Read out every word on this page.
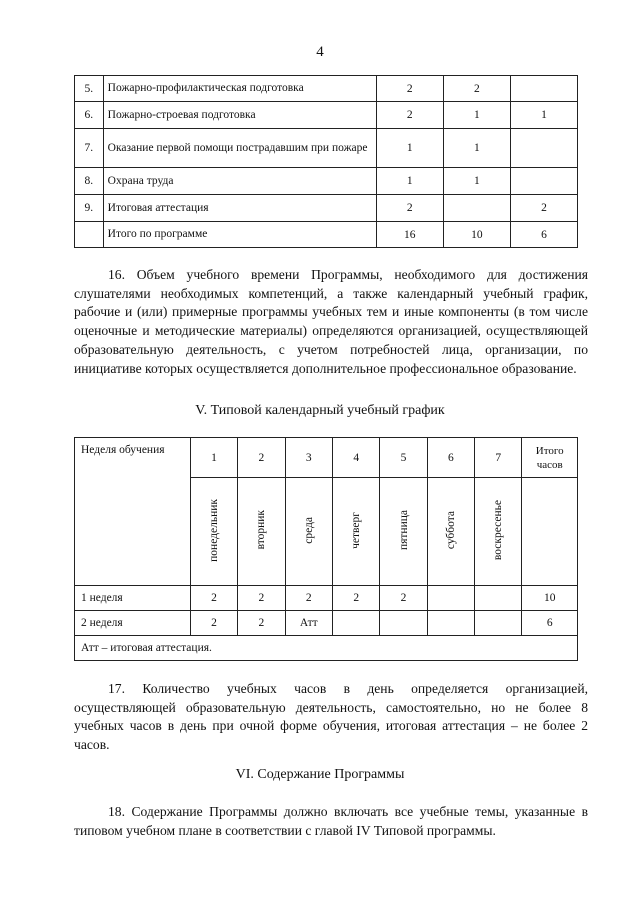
4
5.	Пожарно-профилактическая подготовка	2	2	
6.	Пожарно-строевая подготовка	2	1	1
7.	Оказание первой помощи пострадавшим при пожаре	1	1	
8.	Охрана труда	1	1	
9.	Итоговая аттестация	2		2
	Итого по программе	16	10	6
16. Объем учебного времени Программы, необходимого для достижения слушателями необходимых компетенций, а также календарный учебный график, рабочие и (или) примерные программы учебных тем и иные компоненты (в том числе оценочные и методические материалы) определяются организацией, осуществляющей образовательную деятельность, с учетом потребностей лица, организации, по инициативе которых осуществляется дополнительное профессиональное образование.
V. Типовой календарный учебный график
Неделя обучения	1	2	3	4	5	6	7	Итого часов
	понедельник	вторник	среда	четверг	пятница	суббота	воскресенье	
1 неделя	2	2	2	2	2			10
2 неделя	2	2	Атт					6
Атт – итоговая аттестация.								
17. Количество учебных часов в день определяется организацией, осуществляющей образовательную деятельность, самостоятельно, но не более 8 учебных часов в день при очной форме обучения, итоговая аттестация – не более 2 часов.
VI. Содержание Программы
18. Содержание Программы должно включать все учебные темы, указанные в типовом учебном плане в соответствии с главой IV Типовой программы.
